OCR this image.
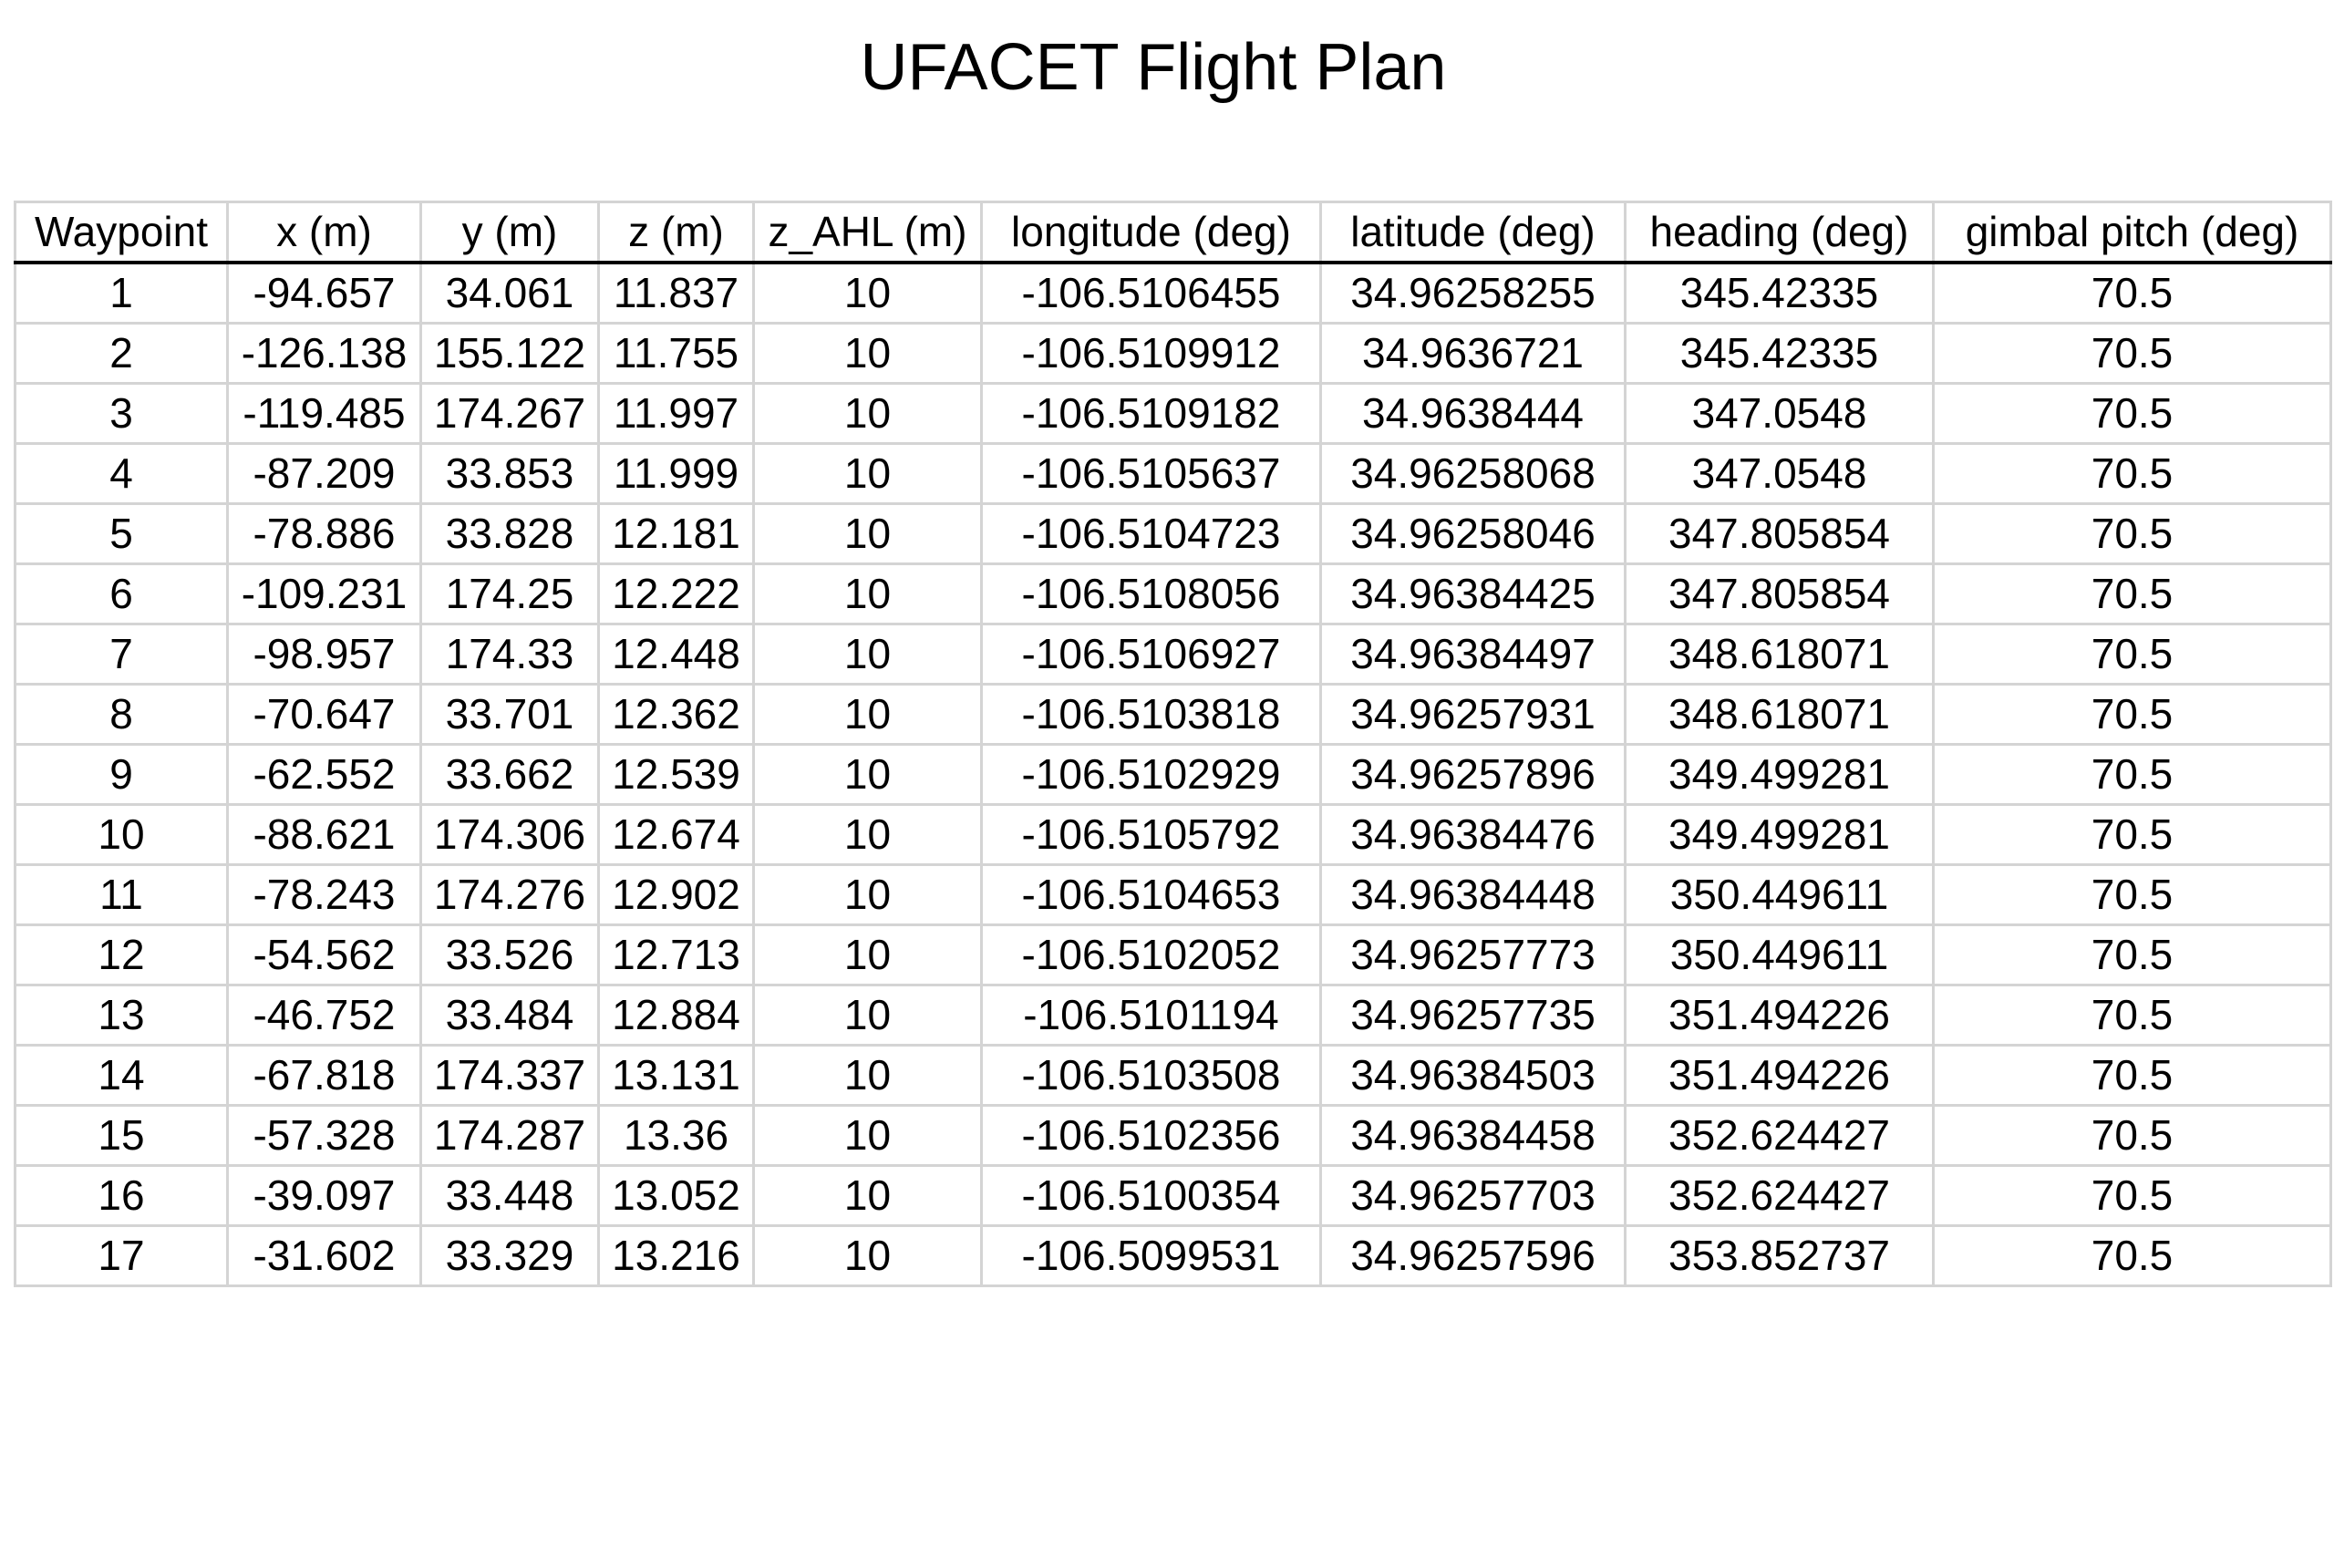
UFACET Flight Plan
Waypoint	x (m)	y (m)	z (m)	z_AHL (m)	longitude (deg)	latitude (deg)	heading (deg)	gimbal pitch (deg)
1	-94.657	34.061	11.837	10	-106.5106455	34.96258255	345.42335	70.5
2	-126.138	155.122	11.755	10	-106.5109912	34.9636721	345.42335	70.5
3	-119.485	174.267	11.997	10	-106.5109182	34.9638444	347.0548	70.5
4	-87.209	33.853	11.999	10	-106.5105637	34.96258068	347.0548	70.5
5	-78.886	33.828	12.181	10	-106.5104723	34.96258046	347.805854	70.5
6	-109.231	174.25	12.222	10	-106.5108056	34.96384425	347.805854	70.5
7	-98.957	174.33	12.448	10	-106.5106927	34.96384497	348.618071	70.5
8	-70.647	33.701	12.362	10	-106.5103818	34.96257931	348.618071	70.5
9	-62.552	33.662	12.539	10	-106.5102929	34.96257896	349.499281	70.5
10	-88.621	174.306	12.674	10	-106.5105792	34.96384476	349.499281	70.5
11	-78.243	174.276	12.902	10	-106.5104653	34.96384448	350.449611	70.5
12	-54.562	33.526	12.713	10	-106.5102052	34.96257773	350.449611	70.5
13	-46.752	33.484	12.884	10	-106.5101194	34.96257735	351.494226	70.5
14	-67.818	174.337	13.131	10	-106.5103508	34.96384503	351.494226	70.5
15	-57.328	174.287	13.36	10	-106.5102356	34.96384458	352.624427	70.5
16	-39.097	33.448	13.052	10	-106.5100354	34.96257703	352.624427	70.5
17	-31.602	33.329	13.216	10	-106.5099531	34.96257596	353.852737	70.5
